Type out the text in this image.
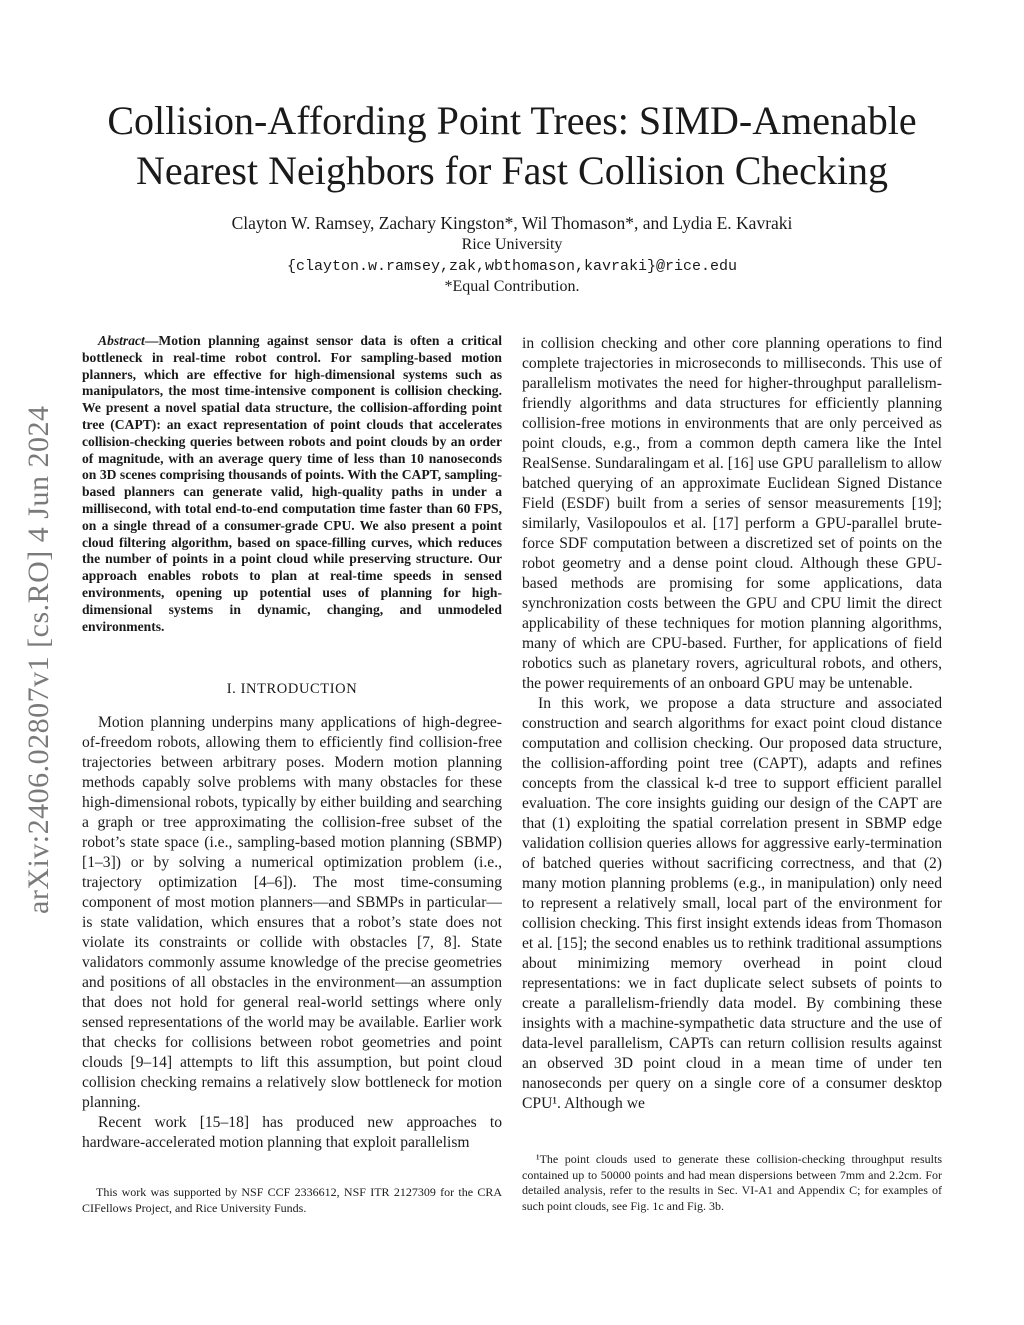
arXiv:2406.02807v1 [cs.RO] 4 Jun 2024
Collision-Affording Point Trees: SIMD-Amenable
Nearest Neighbors for Fast Collision Checking
Clayton W. Ramsey, Zachary Kingston*, Wil Thomason*, and Lydia E. Kavraki
Rice University
{clayton.w.ramsey,zak,wbthomason,kavraki}@rice.edu
*Equal Contribution.

Abstract—Motion planning against sensor data is often a critical bottleneck in real-time robot control. For sampling-based motion planners, which are effective for high-dimensional systems such as manipulators, the most time-intensive component is collision checking. We present a novel spatial data structure, the collision-affording point tree (CAPT): an exact representation of point clouds that accelerates collision-checking queries between robots and point clouds by an order of magnitude, with an average query time of less than 10 nanoseconds on 3D scenes comprising thousands of points. With the CAPT, sampling-based planners can generate valid, high-quality paths in under a millisecond, with total end-to-end computation time faster than 60 FPS, on a single thread of a consumer-grade CPU. We also present a point cloud filtering algorithm, based on space-filling curves, which reduces the number of points in a point cloud while preserving structure. Our approach enables robots to plan at real-time speeds in sensed environments, opening up potential uses of planning for high-dimensional systems in dynamic, changing, and unmodeled environments.

I. INTRODUCTION

Motion planning underpins many applications of high-degree-of-freedom robots, allowing them to efficiently find collision-free trajectories between arbitrary poses. Modern motion planning methods capably solve problems with many obstacles for these high-dimensional robots, typically by either building and searching a graph or tree approximating the collision-free subset of the robot’s state space (i.e., sampling-based motion planning (SBMP) [1–3]) or by solving a numerical optimization problem (i.e., trajectory optimization [4–6]). The most time-consuming component of most motion planners—and SBMPs in particular—is state validation, which ensures that a robot’s state does not violate its constraints or collide with obstacles [7, 8]. State validators commonly assume knowledge of the precise geometries and positions of all obstacles in the environment—an assumption that does not hold for general real-world settings where only sensed representations of the world may be available. Earlier work that checks for collisions between robot geometries and point clouds [9–14] attempts to lift this assumption, but point cloud collision checking remains a relatively slow bottleneck for motion planning.

Recent work [15–18] has produced new approaches to hardware-accelerated motion planning that exploit parallelism

in collision checking and other core planning operations to find complete trajectories in microseconds to milliseconds. This use of parallelism motivates the need for higher-throughput parallelism-friendly algorithms and data structures for efficiently planning collision-free motions in environments that are only perceived as point clouds, e.g., from a common depth camera like the Intel RealSense. Sundaralingam et al. [16] use GPU parallelism to allow batched querying of an approximate Euclidean Signed Distance Field (ESDF) built from a series of sensor measurements [19]; similarly, Vasilopoulos et al. [17] perform a GPU-parallel brute-force SDF computation between a discretized set of points on the robot geometry and a dense point cloud. Although these GPU-based methods are promising for some applications, data synchronization costs between the GPU and CPU limit the direct applicability of these techniques for motion planning algorithms, many of which are CPU-based. Further, for applications of field robotics such as planetary rovers, agricultural robots, and others, the power requirements of an onboard GPU may be untenable.

In this work, we propose a data structure and associated construction and search algorithms for exact point cloud distance computation and collision checking. Our proposed data structure, the collision-affording point tree (CAPT), adapts and refines concepts from the classical k-d tree to support efficient parallel evaluation. The core insights guiding our design of the CAPT are that (1) exploiting the spatial correlation present in SBMP edge validation collision queries allows for aggressive early-termination of batched queries without sacrificing correctness, and that (2) many motion planning problems (e.g., in manipulation) only need to represent a relatively small, local part of the environment for collision checking. This first insight extends ideas from Thomason et al. [15]; the second enables us to rethink traditional assumptions about minimizing memory overhead in point cloud representations: we in fact duplicate select subsets of points to create a parallelism-friendly data model. By combining these insights with a machine-sympathetic data structure and the use of data-level parallelism, CAPTs can return collision results against an observed 3D point cloud in a mean time of under ten nanoseconds per query on a single core of a consumer desktop CPU¹. Although we

This work was supported by NSF CCF 2336612, NSF ITR 2127309 for the CRA CIFellows Project, and Rice University Funds.
¹The point clouds used to generate these collision-checking throughput results contained up to 50000 points and had mean dispersions between 7mm and 2.2cm. For detailed analysis, refer to the results in Sec. VI-A1 and Appendix C; for examples of such point clouds, see Fig. 1c and Fig. 3b.
